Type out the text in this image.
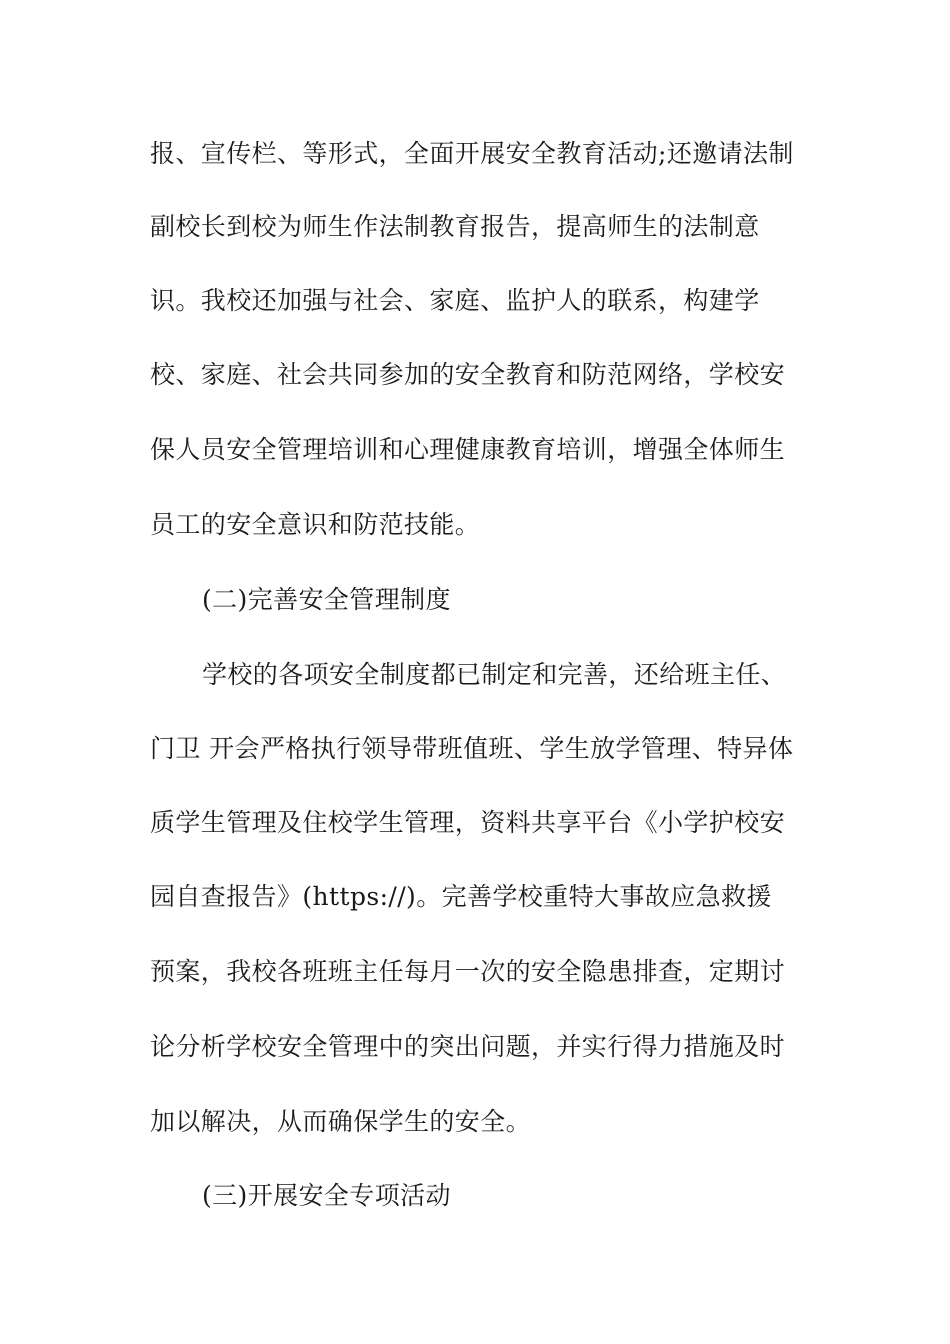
报、宣传栏、等形式，全面开展安全教育活动;还邀请法制
副校长到校为师生作法制教育报告，提高师生的法制意
识。我校还加强与社会、家庭、监护人的联系，构建学
校、家庭、社会共同参加的安全教育和防范网络，学校安
保人员安全管理培训和心理健康教育培训，增强全体师生
员工的安全意识和防范技能。
(二)完善安全管理制度
学校的各项安全制度都已制定和完善，还给班主任、
门卫 开会严格执行领导带班值班、学生放学管理、特异体
质学生管理及住校学生管理，资料共享平台《小学护校安
园自查报告》(https://)。完善学校重特大事故应急救援
预案，我校各班班主任每月一次的安全隐患排查，定期讨
论分析学校安全管理中的突出问题，并实行得力措施及时
加以解决，从而确保学生的安全。
(三)开展安全专项活动
